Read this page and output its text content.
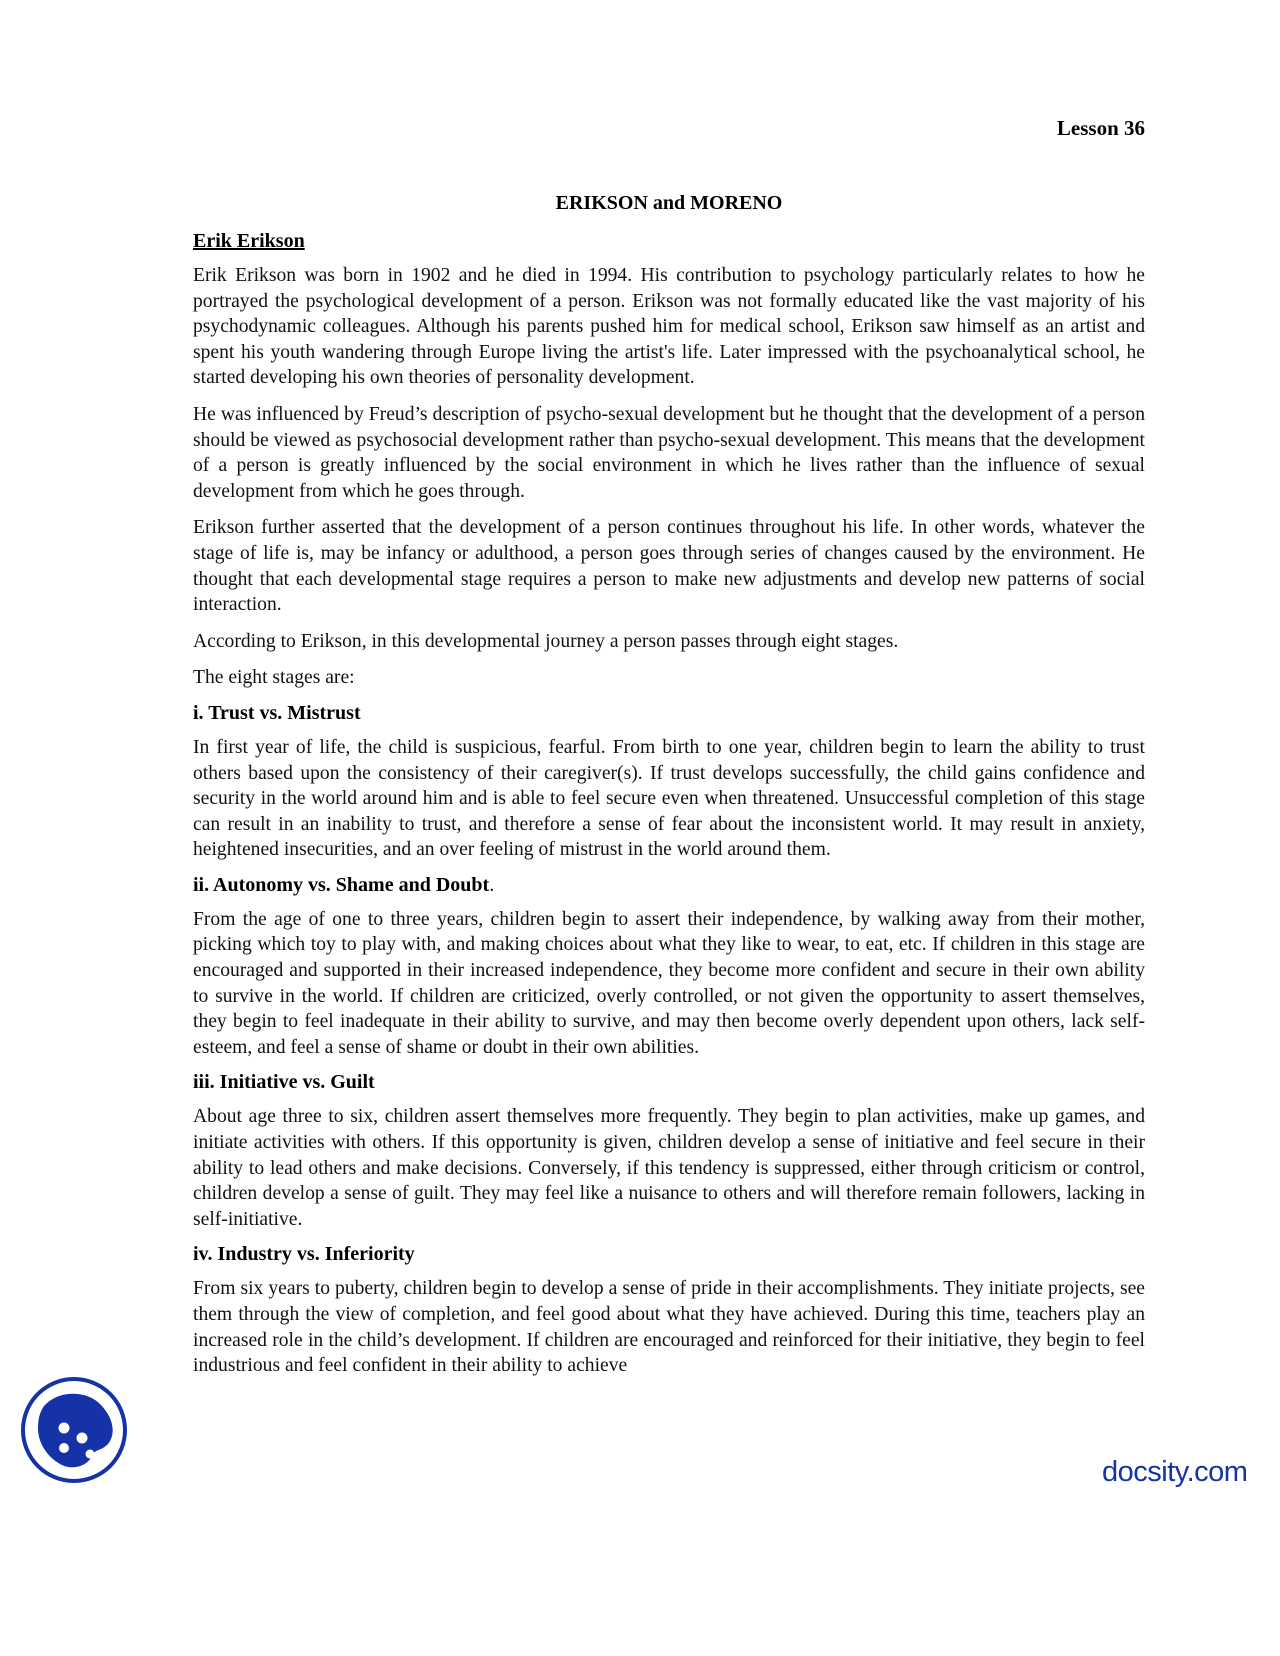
Lesson 36

ERIKSON and MORENO

Erik Erikson

Erik Erikson was born in 1902 and he died in 1994. His contribution to psychology particularly relates to how he portrayed the psychological development of a person. Erikson was not formally educated like the vast majority of his psychodynamic colleagues. Although his parents pushed him for medical school, Erikson saw himself as an artist and spent his youth wandering through Europe living the artist's life. Later impressed with the psychoanalytical school, he started developing his own theories of personality development.

He was influenced by Freud’s description of psycho-sexual development but he thought that the development of a person should be viewed as psychosocial development rather than psycho-sexual development. This means that the development of a person is greatly influenced by the social environment in which he lives rather than the influence of sexual development from which he goes through.

Erikson further asserted that the development of a person continues throughout his life. In other words, whatever the stage of life is, may be infancy or adulthood, a person goes through series of changes caused by the environment. He thought that each developmental stage requires a person to make new adjustments and develop new patterns of social interaction.

According to Erikson, in this developmental journey a person passes through eight stages.

The eight stages are:

i. Trust vs. Mistrust

In first year of life, the child is suspicious, fearful. From birth to one year, children begin to learn the ability to trust others based upon the consistency of their caregiver(s). If trust develops successfully, the child gains confidence and security in the world around him and is able to feel secure even when threatened. Unsuccessful completion of this stage can result in an inability to trust, and therefore a sense of fear about the inconsistent world. It may result in anxiety, heightened insecurities, and an over feeling of mistrust in the world around them.

ii. Autonomy vs. Shame and Doubt.

From the age of one to three years, children begin to assert their independence, by walking away from their mother, picking which toy to play with, and making choices about what they like to wear, to eat, etc. If children in this stage are encouraged and supported in their increased independence, they become more confident and secure in their own ability to survive in the world. If children are criticized, overly controlled, or not given the opportunity to assert themselves, they begin to feel inadequate in their ability to survive, and may then become overly dependent upon others, lack self-esteem, and feel a sense of shame or doubt in their own abilities.

iii. Initiative vs. Guilt

About age three to six, children assert themselves more frequently. They begin to plan activities, make up games, and initiate activities with others. If this opportunity is given, children develop a sense of initiative and feel secure in their ability to lead others and make decisions. Conversely, if this tendency is suppressed, either through criticism or control, children develop a sense of guilt. They may feel like a nuisance to others and will therefore remain followers, lacking in self-initiative.

iv. Industry vs. Inferiority

From six years to puberty, children begin to develop a sense of pride in their accomplishments. They initiate projects, see them through the view of completion, and feel good about what they have achieved. During this time, teachers play an increased role in the child’s development. If children are encouraged and reinforced for their initiative, they begin to feel industrious and feel confident in their ability to achieve

docsity.com
